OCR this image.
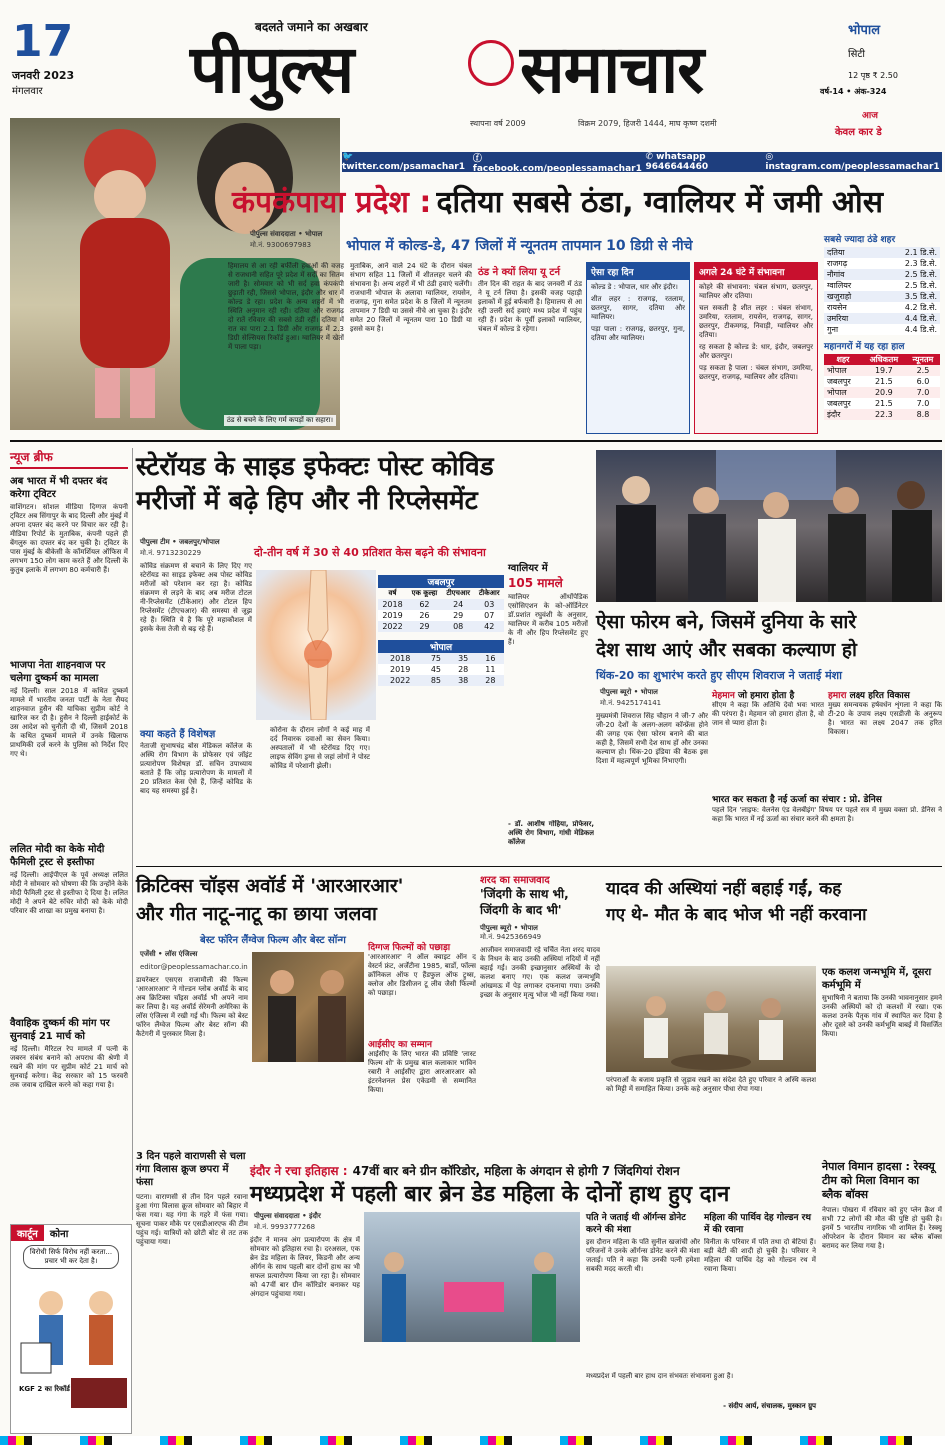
17
जनवरी 2023
मंगलवार
ठंड से बचने के लिए गर्म कपड़ों का सहारा।
बदलते जमाने का अखबार
पीपुल्स	समाचार
स्थापना वर्ष 2009	विक्रम 2079, हिजरी 1444, माघ कृष्ण दशमी
भोपाल
सिटी
12 पृष्ठ ₹ 2.50
वर्ष-14 • अंक-324
आज
केवल कार डे
🐦 twitter.com/psamachar1
ⓕ facebook.com/peoplessamachar1
✆ whatsapp 9646644460
◎ instagram.com/peoplessamachar1
कंपकंपाया प्रदेश : दतिया सबसे ठंडा, ग्वालियर में जमी ओस
पीपुल्स संवाददाता • भोपाल
मो.नं. 9300697983 भोपाल में कोल्ड-डे, 47 जिलों में न्यूनतम तापमान 10 डिग्री से नीचे
हिमालय से आ रही बर्फीली हवाओं की वजह से राजधानी सहित पूरे प्रदेश में सर्दी का सितम जारी है। सोमवार को भी सर्द हवा कंपकंपी छुड़ाती रही, जिससे भोपाल, इंदौर और धार में कोल्ड डे रहा। प्रदेश के अन्य शहरों में भी स्थिति अनुमान रही रही। दतिया और राजगढ़ दो रातें रविवार की सबसे ठंडी रहीं। दतिया में रात का पारा 2.1 डिग्री और राजगढ़ में 2.3 डिग्री सेल्सियस रिकॉर्ड हुआ। ग्वालियर में खेतों में पाला पड़ा।
मुताबिक, आने वाले 24 घंटे के दौरान चंबल संभाग सहित 11 जिलों में शीतलहर चलने की संभावना है। अन्य शहरों में भी ठंडी हवाएं चलेंगी। राजधानी भोपाल के अलावा ग्वालियर, रायसेन, राजगढ़, गुना समेत प्रदेश के 8 जिलों में न्यूनतम तापमान 7 डिग्री या उससे नीचे आ चुका है। इंदौर समेत 20 जिलों में न्यूनतम पारा 10 डिग्री या इससे कम है।
ठंड ने क्यों लिया यू टर्न
तीन दिन की राहत के बाद जनवरी में ठंड ने यू टर्न लिया है। इसकी वजह पहाड़ी इलाकों में हुई बर्फबारी है। हिमालय से आ रही उत्तरी सर्द हवाएं मध्य प्रदेश में पहुंच रही हैं। प्रदेश के पूर्वी इलाकों ग्वालियर, चंबल में कोल्ड डे रहेगा।
ऐसा रहा दिन
कोल्ड डे : भोपाल, धार और इंदौर।
शीत लहर : राजगढ़, रतलाम, छतरपुर, सागर, दतिया और ग्वालियर।
पड़ा पाला : राजगढ़, छतरपुर, गुना, दतिया और ग्वालियर।
अगले 24 घंटे में संभावना
कोहरे की संभावना: चंबल संभाग, छतरपुर, ग्वालियर और दतिया।
चल सकती है शीत लहर : चंबल संभाग, उमरिया, रतलाम, रायसेन, राजगढ़, सागर, छतरपुर, टीकमगढ़, निवाड़ी, ग्वालियर और दतिया।
रह सकता है कोल्ड डे: धार, इंदौर, जबलपुर और छतरपुर।
पड़ सकता है पाला : चंबल संभाग, उमरिया, छतरपुर, राजगढ़, ग्वालियर और दतिया।
सबसे ज्यादा ठंडे शहर
दतिया	2.1 डि.से.
राजगढ़	2.3 डि.से.
नौगांव	2.5 डि.से.
ग्वालियर	2.5 डि.से.
खजुराहो	3.5 डि.से.
रायसेन	4.2 डि.से.
उमरिया	4.4 डि.से.
गुना	4.4 डि.से.
महानगरों में यह रहा हाल
शहर	अधिकतम	न्यूनतम
भोपाल	19.7	2.5
जबलपुर	21.5	6.0
भोपाल	20.9	7.0
जबलपुर	21.5	7.0
इंदौर	22.3	8.8
न्यूज ब्रीफ
अब भारत में भी दफ्तर बंद करेगा ट्विटर
वाशिंगटन। सोशल मीडिया दिग्गज कंपनी ट्विटर अब सिंगापुर के बाद दिल्ली और मुंबई में अपना दफ्तर बंद करने पर विचार कर रही है। मीडिया रिपोर्ट के मुताबिक, कंपनी पहले ही बेंगलुरु का दफ्तर बंद कर चुकी है। ट्विटर के पास मुंबई के बीकेसी के कॉमर्शियल ऑफिस में लगभग 150 लोग काम करते हैं और दिल्ली के कुतुब इलाके में लगभग 80 कर्मचारी हैं।
भाजपा नेता शाहनवाज पर चलेगा दुष्कर्म का मामला
नई दिल्ली। साल 2018 में कथित दुष्कर्म मामले में भारतीय जनता पार्टी के नेता सैयद शाहनवाज हुसैन की याचिका सुप्रीम कोर्ट ने खारिज कर दी है। हुसैन ने दिल्ली हाईकोर्ट के उस आदेश को चुनौती दी थी, जिसमें 2018 के कथित दुष्कर्म मामले में उनके खिलाफ प्राथमिकी दर्ज करने के पुलिस को निर्देश दिए गए थे।
ललित मोदी का केके मोदी फैमिली ट्रस्ट से इस्तीफा
नई दिल्ली। आईपीएल के पूर्व अध्यक्ष ललित मोदी ने सोमवार को घोषणा की कि उन्होंने केके मोदी फैमिली ट्रस्ट से इस्तीफा दे दिया है। ललित मोदी ने अपने बेटे रुचिर मोदी को केके मोदी परिवार की शाखा का प्रमुख बनाया है।
वैवाहिक दुष्कर्म की मांग पर सुनवाई 21 मार्च को
नई दिल्ली। मैरिटल रेप मामले में पत्नी के जबरन संबंध बनाने को अपराध की श्रेणी में रखने की मांग पर सुप्रीम कोर्ट 21 मार्च को सुनवाई करेगा। केंद्र सरकार को 15 फरवरी तक जवाब दाखिल करने को कहा गया है।
स्टेरॉयड के साइड इफेक्टः पोस्ट कोविड
मरीजों में बढ़े हिप और नी रिप्लेसमेंट
पीपुल्स टीम • जबलपुर/भोपाल
मो.नं. 9713230229	दो-तीन वर्ष में 30 से 40 प्रतिशत केस बढ़ने की संभावना
कोविड संक्रमण से बचाने के लिए दिए गए स्टेरॉयड का साइड इफेक्ट अब पोस्ट कोविड मरीजों को परेशान कर रहा है। कोविड संक्रमण से लड़ने के बाद अब मरीज टोटल नी-रिप्लेसमेंट (टीकेआर) और टोटल हिप रिप्लेसमेंट (टीएचआर) की समस्या से जूझ रहे हैं। स्थिति ये है कि पूरे महाकौशल में इसके केस तेजी से बढ़ रहे हैं।
क्या कहते हैं विशेषज्ञ
नेताजी सुभाषचंद्र बोस मेडिकल कॉलेज के अस्थि रोग विभाग के प्रोफेसर एवं जॉइंट प्रत्यारोपण विशेषज्ञ डॉ. सचिन उपाध्याय बताते हैं कि जोड़ प्रत्यारोपण के मामलों में 20 प्रतिशत केस ऐसे हैं, जिन्हें कोविड के बाद यह समस्या हुई है।
जबलपुर
वर्ष	एक कूल्हा	टीएचआर	टीकेआर
2018	62	24	03
2019	26	29	07
2022	29	08	42
भोपाल
2018	75	35	16
2019	45	28	11
2022	85	38	28
ग्वालियर में
105 मामले
ग्वालियर ऑर्थोपेडिक एसोसिएशन के को-ऑर्डिनेटर डॉ.प्रशांत रघुवंशी के अनुसार, ग्वालियर में करीब 105 मरीजों के नी और हिप रिप्लेसमेंट हुए हैं।
कोरोना के दौरान लोगों ने कई माह में दर्द निवारक दवाओं का सेवन किया। अस्पतालों में भी स्टेरॉयड दिए गए। लाइफ सेविंग ड्रग्स से जहां लोगों ने पोस्ट कोविड में परेशानी झेली।
- डॉ. आशीष गोहिया, प्रोफेसर, अस्थि रोग विभाग, गांधी मेडिकल कॉलेज
ऐसा फोरम बने, जिसमें दुनिया के सारे
देश साथ आएं और सबका कल्याण हो
थिंक-20 का शुभारंभ करते हुए सीएम शिवराज ने जताई मंशा
पीपुल्स ब्यूरो • भोपाल
मो.नं. 9425174141
मुख्यमंत्री शिवराज सिंह चौहान ने जी-7 और जी-20 देशों के अलग-अलग कॉन्फ्रेंस होने की जगह एक ऐसा फोरम बनाने की बात कही है, जिसमें सभी देश साथ हों और उनका कल्याण हो। थिंक-20 इंडिया की बैठक इस दिशा में महत्वपूर्ण भूमिका निभाएगी।
मेहमान जो हमारा होता है
सीएम ने कहा कि अतिथि देवो भवः भारत की परंपरा है। मेहमान जो हमारा होता है, वो जान से प्यारा होता है।
हमारा लक्ष्य हरित विकास
मुख्य समन्वयक हर्षवर्धन शृंगला ने कहा कि टी-20 के उपाय लक्ष्य एसडीजी के अनुरूप है। भारत का लक्ष्य 2047 तक हरित विकास।
भारत कर सकता है नई ऊर्जा का संचार : प्रो. डेनिस
पहले दिन 'लाइफ: वेलनेस एंड वेलबीइंग' विषय पर पहले सत्र में मुख्य वक्ता प्रो. डेनिस ने कहा कि भारत में नई ऊर्जा का संचार करने की क्षमता है।
क्रिटिक्स चॉइस अवॉर्ड में 'आरआरआर'
और गीत नाटू-नाटू का छाया जलवा
बेस्ट फॉरेन लैंग्वेज फिल्म और बेस्ट सॉन्ग
एजेंसी • लॉस एंजिल्स
editor@peoplessamachar.co.in
डायरेक्टर एसएस राजामौली की फिल्म 'आरआरआर' ने गोल्डन ग्लोब अवॉर्ड के बाद अब क्रिटिक्स चॉइस अवॉर्ड भी अपने नाम कर लिया है। यह अवॉर्ड सेरेमनी अमेरिका के लॉस एंजिल्स में रखी गई थी। फिल्म को बेस्ट फॉरेन लैंग्वेज फिल्म और बेस्ट सॉन्ग की कैटेगरी में पुरस्कार मिला है।
दिग्गज फिल्मों को पछाड़ा
'आरआरआर' ने ऑल क्वाइट ऑन द वेस्टर्न फ्रंट, अर्जेंटीना 1985, बार्डो, फॉल्स क्रॉनिकल ऑफ ए हैंडफुल ऑफ ट्रुथ्स, क्लोज और डिसीजन टू लीव जैसी फिल्मों को पछाड़ा।
आईसीए का सम्मान
आईसीए के लिए भारत की प्रविष्टि 'लास्ट फिल्म शो' के प्रमुख बाल कलाकार भाविन रबारी ने आईसीए द्वारा आरआरआर को इंटरनेशनल प्रेस एकेडमी से सम्मानित किया।
शरद का समाजवाद
'जिंदगी के साथ भी, जिंदगी के बाद भी'
पीपुल्स ब्यूरो • भोपाल
मो.नं. 9425366949
आजीवन समाजवादी रहे चर्चित नेता शरद यादव के निधन के बाद उनकी अस्थियां नदियों में नहीं बहाई गईं। उनकी इच्छानुसार अस्थियों के दो कलश बनाए गए। एक कलश जन्मभूमि आंखमऊ में पेड़ लगाकर दफनाया गया। उनकी इच्छा के अनुसार मृत्यु भोज भी नहीं किया गया।
यादव की अस्थियां नहीं बहाई गईं, कह
गए थे- मौत के बाद भोज भी नहीं करवाना
परंपराओं के बजाय प्रकृति से जुड़ाव रखने का संदेश देते हुए परिवार ने अस्थि कलश को मिट्टी में समाहित किया। उनके कहे अनुसार पौधा रोपा गया।
एक कलश जन्मभूमि में, दूसरा कर्मभूमि में
सुभाषिनी ने बताया कि उनकी भावनानुसार हमने उनकी अस्थियों को दो कलशों में रखा। एक कलश उनके पैतृक गांव में स्थापित कर दिया है और दूसरे को उनकी कर्मभूमि बाबई में विसर्जित किया।
3 दिन पहले वाराणसी से चला गंगा विलास क्रूज छपरा में फंसा
पटना। वाराणसी से तीन दिन पहले रवाना हुआ गंगा विलास क्रूज सोमवार को बिहार में फंस गया। यह गंगा के गहरे में फंस गया। सूचना पाकर मौके पर एसडीआरएफ की टीम पहुंच गई। यात्रियों को छोटी बोट से तट तक पहुंचाया गया।
कार्टून	कोना
विरोधी सिर्फ विरोध नहीं करता... प्रचार भी कर देता है।
KGF 2 का रिकॉर्ड
फिल्म बेशरम
इंदौर ने रचा इतिहास : 47वीं बार बने ग्रीन कॉरिडोर, महिला के अंगदान से होगी 7 जिंदगियां रोशन
मध्यप्रदेश में पहली बार ब्रेन डेड महिला के दोनों हाथ हुए दान
पीपुल्स संवाददाता • इंदौर
मो.नं. 9993777268
इंदौर ने मानव अंग प्रत्यारोपण के क्षेत्र में सोमवार को इतिहास रचा है। दरअसल, एक ब्रेन डेड महिला के लिवर, किडनी और अन्य ऑर्गन के साथ पहली बार दोनों हाथ का भी सफल प्रत्यारोपण किया जा रहा है। सोमवार को 47वीं बार ग्रीन कॉरिडोर बनाकर यह अंगदान पहुंचाया गया।
पति ने जताई थी ऑर्गन्स डोनेट करने की मंशा
इस दौरान महिला के पति सुनील खजांची और परिजनों ने उनके ऑर्गन्स डोनेट करने की मंशा जताई। पति ने कहा कि उनकी पत्नी हमेशा सबकी मदद करती थी।
महिला की पार्थिव देह गोल्डन रथ में की रवाना
विनीता के परिवार में पति तथा दो बेटियां हैं। बड़ी बेटी की शादी हो चुकी है। परिवार ने महिला की पार्थिव देह को गोल्डन रथ में रवाना किया।
मध्यप्रदेश में पहली बार हाथ दान संभवतः संभावना हुआ है।
- संदीप आर्य, संचालक, मुस्कान ग्रुप
नेपाल विमान हादसा : रेस्क्यू टीम को मिला विमान का ब्लैक बॉक्स
नेपाल। पोखरा में रविवार को हुए प्लेन क्रैश में सभी 72 लोगों की मौत की पुष्टि हो चुकी है। इनमें 5 भारतीय नागरिक भी शामिल हैं। रेस्क्यू ऑपरेशन के दौरान विमान का ब्लैक बॉक्स बरामद कर लिया गया है।
